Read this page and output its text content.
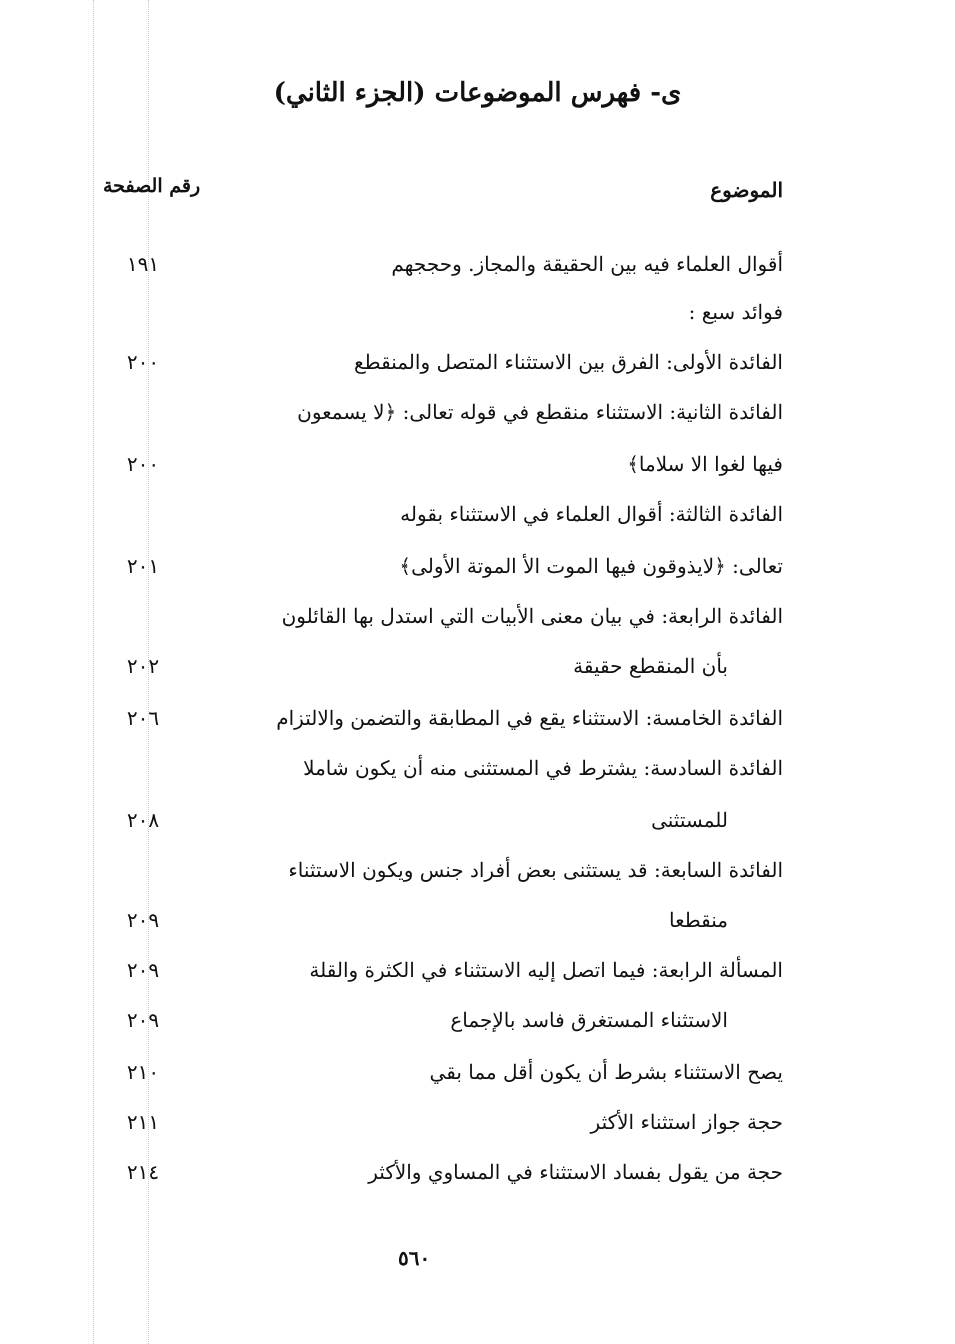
ى- فهرس الموضوعات (الجزء الثاني)
الموضوع
رقم الصفحة
أقوال العلماء فيه بين الحقيقة والمجاز. وحججهم
١٩١
فوائد سبع :
الفائدة الأولى: الفرق بين الاستثناء المتصل والمنقطع
٢٠٠
الفائدة الثانية: الاستثناء منقطع في قوله تعالى: ﴿لا يسمعون
فيها لغوا الا سلاما﴾
٢٠٠
الفائدة الثالثة: أقوال العلماء في الاستثناء بقوله
تعالى: ﴿لايذوقون فيها الموت الأ الموتة الأولى﴾
٢٠١
الفائدة الرابعة: في بيان معنى الأبيات التي استدل بها القائلون
بأن المنقطع حقيقة
٢٠٢
الفائدة الخامسة: الاستثناء يقع في المطابقة والتضمن والالتزام
٢٠٦
الفائدة السادسة: يشترط في المستثنى منه أن يكون شاملا
للمستثنى
٢٠٨
الفائدة السابعة: قد يستثنى بعض أفراد جنس ويكون الاستثناء
منقطعا
٢٠٩
المسألة الرابعة: فيما اتصل إليه الاستثناء في الكثرة والقلة
٢٠٩
الاستثناء المستغرق فاسد بالإجماع
٢٠٩
يصح الاستثناء بشرط أن يكون أقل مما بقي
٢١٠
حجة جواز استثناء الأكثر
٢١١
حجة من يقول بفساد الاستثناء في المساوي والأكثر
٢١٤
٥٦٠
